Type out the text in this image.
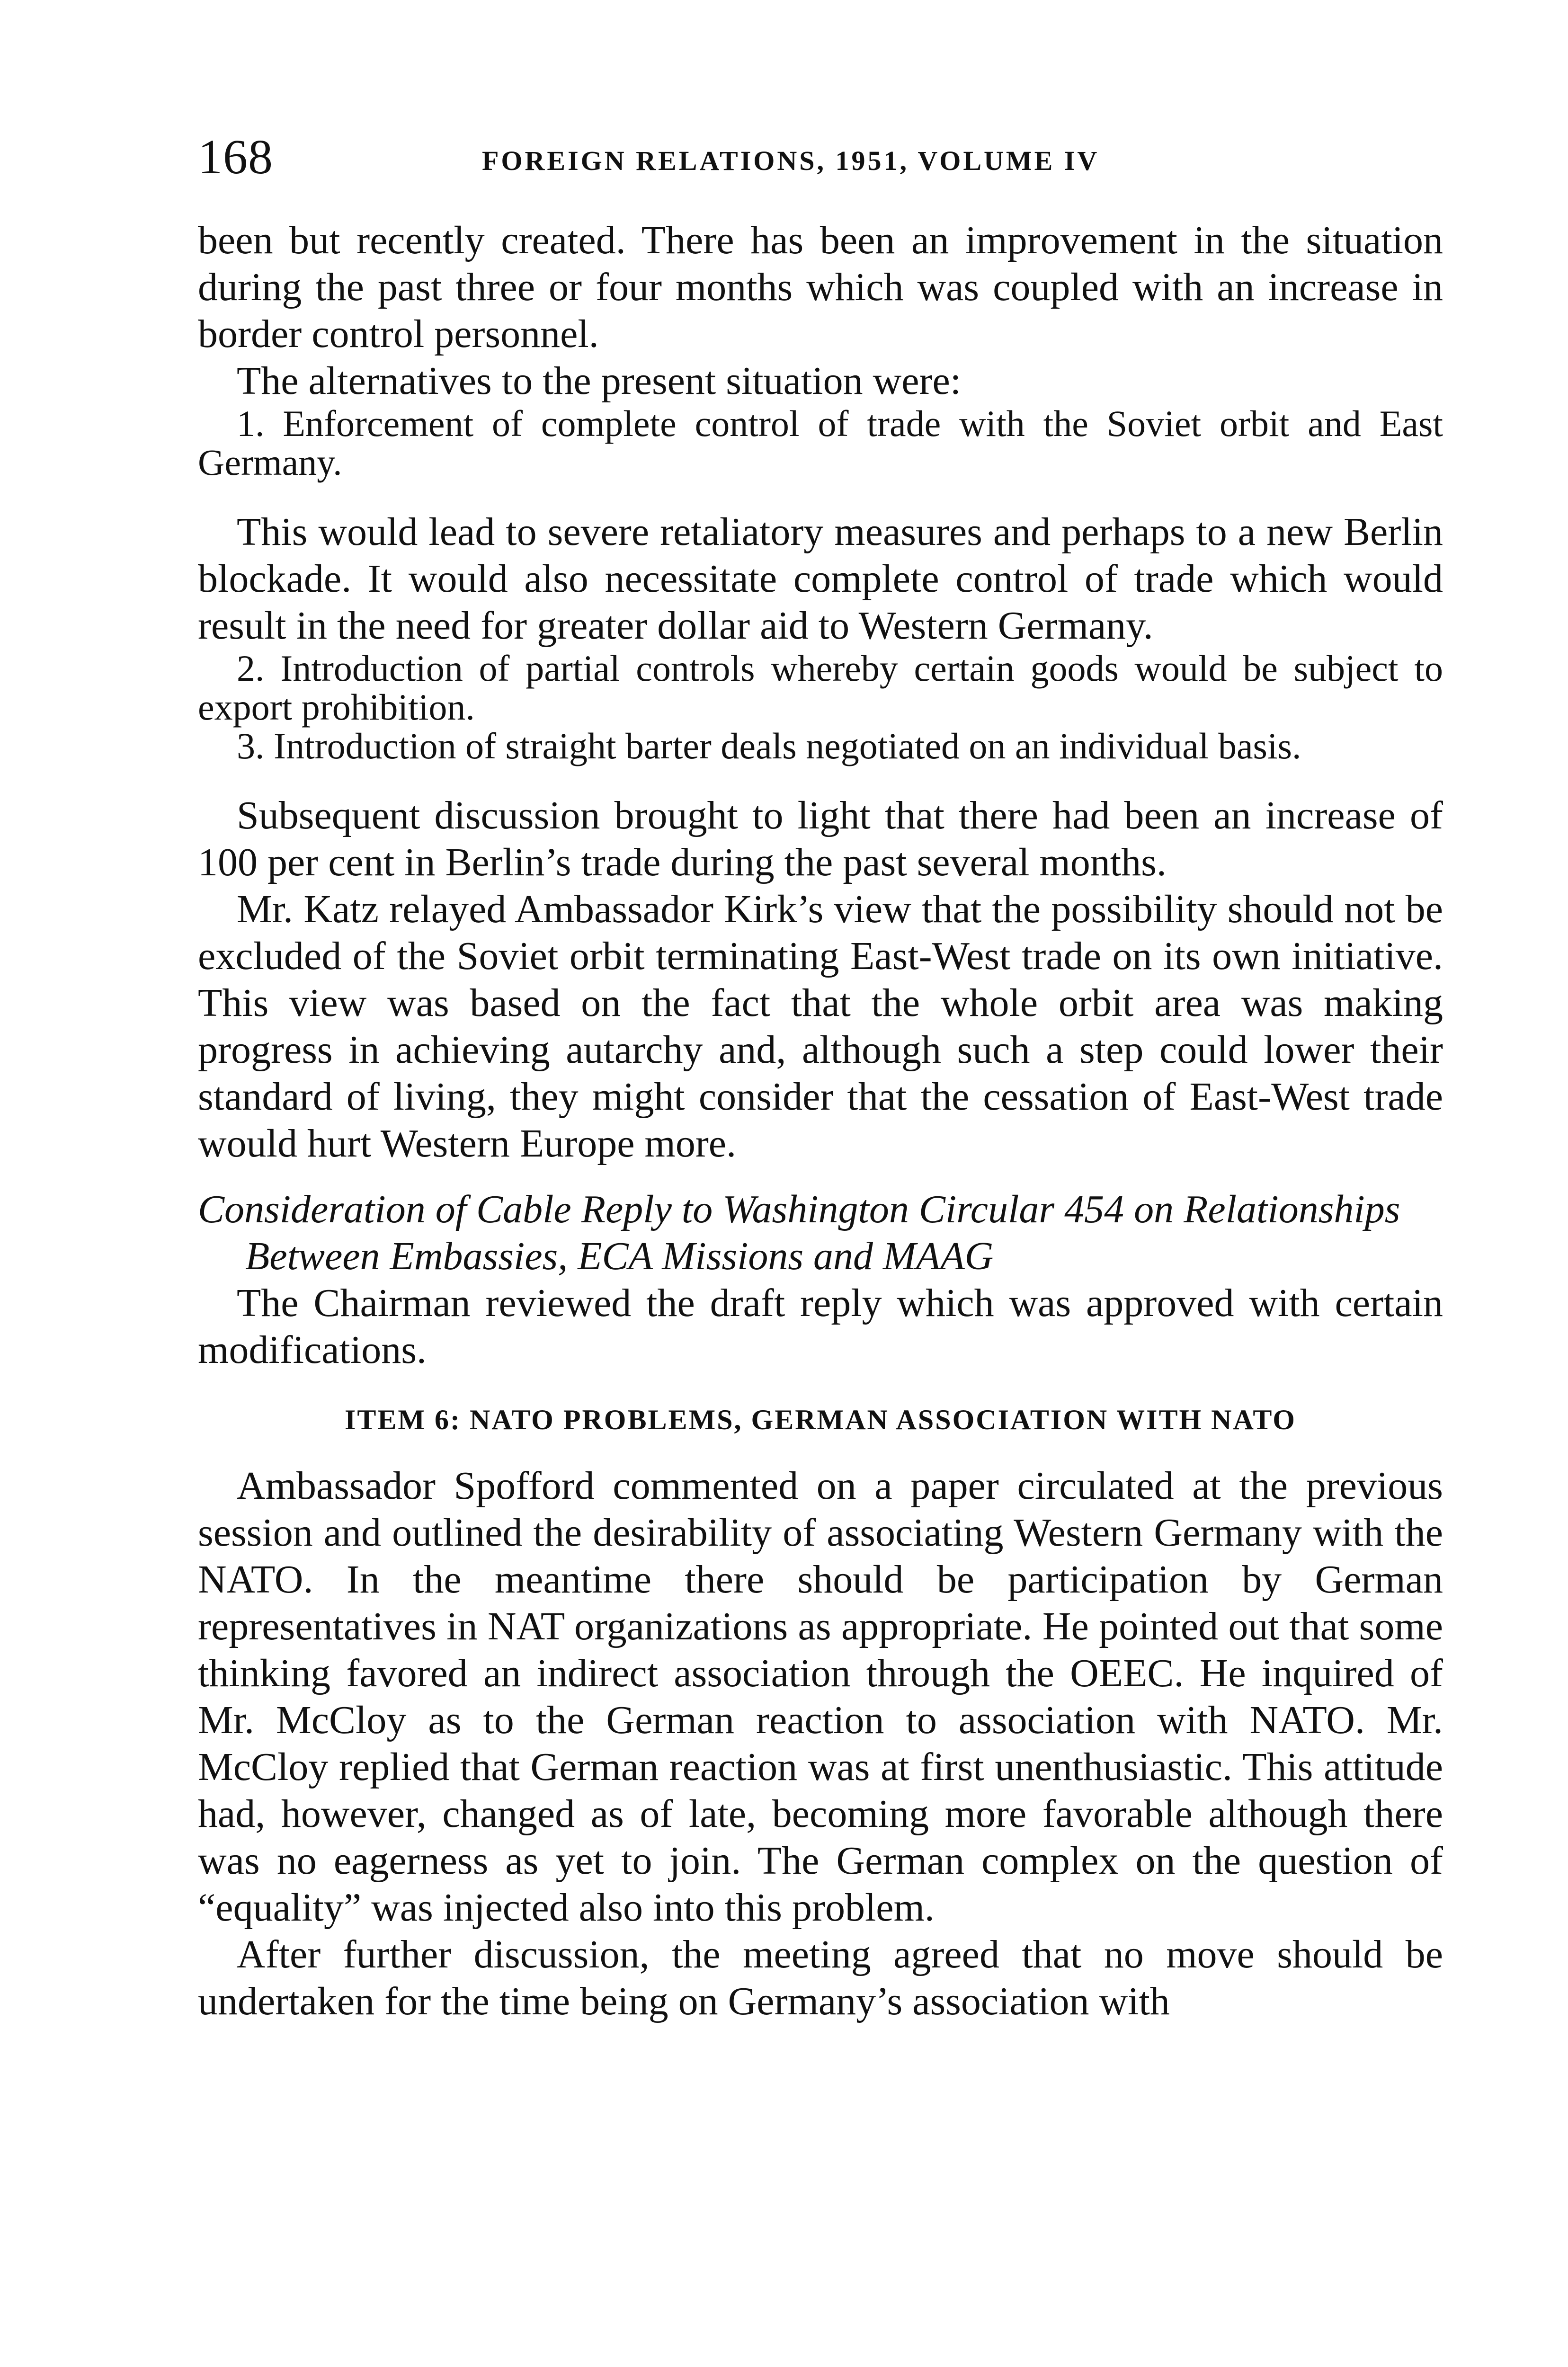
168	FOREIGN RELATIONS, 1951, VOLUME IV

been but recently created. There has been an improvement in the situation during the past three or four months which was coupled with an increase in border control personnel.

The alternatives to the present situation were:

1. Enforcement of complete control of trade with the Soviet orbit and East Germany.

This would lead to severe retaliatory measures and perhaps to a new Berlin blockade. It would also necessitate complete control of trade which would result in the need for greater dollar aid to Western Germany.

2. Introduction of partial controls whereby certain goods would be subject to export prohibition.

3. Introduction of straight barter deals negotiated on an individual basis.

Subsequent discussion brought to light that there had been an increase of 100 per cent in Berlin’s trade during the past several months.

Mr. Katz relayed Ambassador Kirk’s view that the possibility should not be excluded of the Soviet orbit terminating East-West trade on its own initiative. This view was based on the fact that the whole orbit area was making progress in achieving autarchy and, although such a step could lower their standard of living, they might consider that the cessation of East-West trade would hurt Western Europe more.

Consideration of Cable Reply to Washington Circular 454 on Relationships Between Embassies, ECA Missions and MAAG

The Chairman reviewed the draft reply which was approved with certain modifications.

ITEM 6: NATO PROBLEMS, GERMAN ASSOCIATION WITH NATO

Ambassador Spofford commented on a paper circulated at the previous session and outlined the desirability of associating Western Germany with the NATO. In the meantime there should be participation by German representatives in NAT organizations as appropriate. He pointed out that some thinking favored an indirect association through the OEEC. He inquired of Mr. McCloy as to the German reaction to association with NATO. Mr. McCloy replied that German reaction was at first unenthusiastic. This attitude had, however, changed as of late, becoming more favorable although there was no eagerness as yet to join. The German complex on the question of “equality” was injected also into this problem.

After further discussion, the meeting agreed that no move should be undertaken for the time being on Germany’s association with
